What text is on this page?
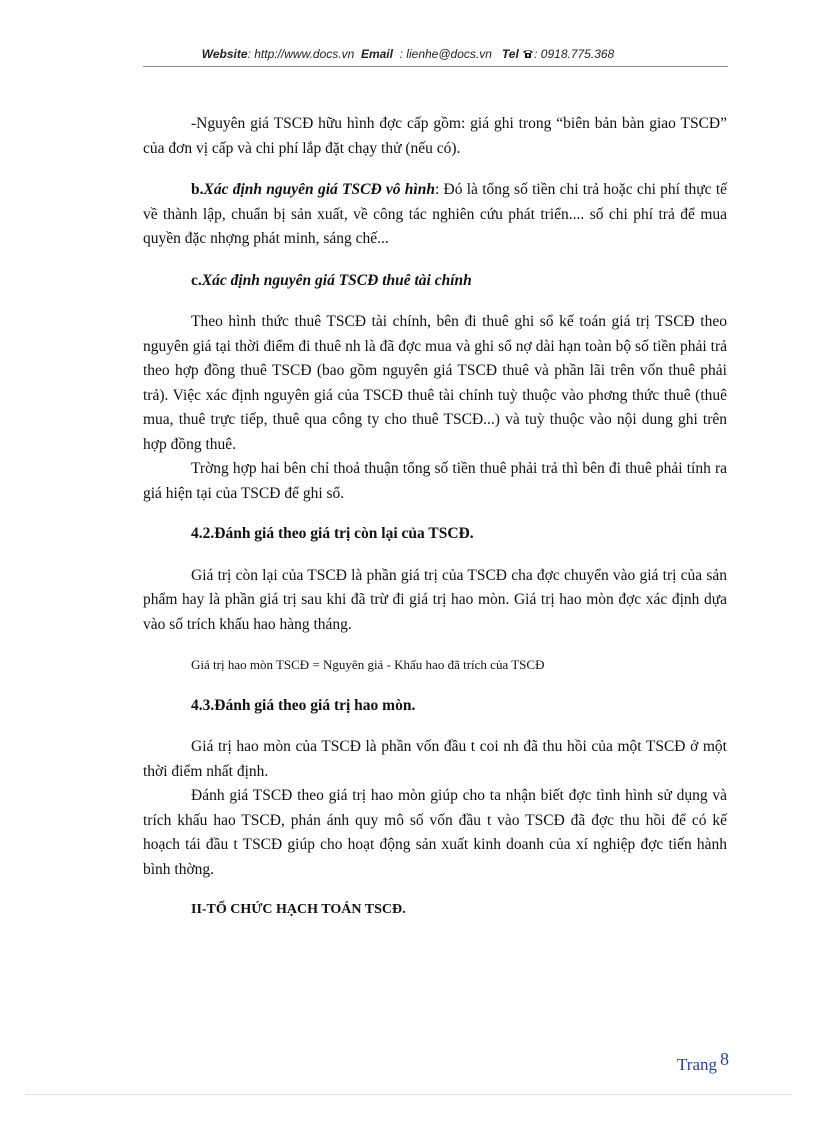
Website: http://www.docs.vn Email : lienhe@docs.vn Tel : 0918.775.368

-Nguyên giá TSCĐ hữu hình đợc cấp gồm: giá ghi trong “biên bản bàn giao TSCĐ” của đơn vị cấp và chi phí lắp đặt chạy thử (nếu có).

b.Xác định nguyên giá TSCĐ vô hình: Đó là tổng số tiền chi trả hoặc chi phí thực tế về thành lập, chuẩn bị sản xuất, về công tác nghiên cứu phát triển.... số chi phí trả để mua quyền đặc nhợng phát minh, sáng chế...

c.Xác định nguyên giá TSCĐ thuê tài chính

Theo hình thức thuê TSCĐ tài chính, bên đi thuê ghi sổ kế toán giá trị TSCĐ theo nguyên giá tại thời điểm đi thuê nh là đã đợc mua và ghi sổ nợ dài hạn toàn bộ số tiền phải trả theo hợp đồng thuê TSCĐ (bao gồm nguyên giá TSCĐ thuê và phần lãi trên vốn thuê phải trả). Việc xác định nguyên giá của TSCĐ thuê tài chính tuỳ thuộc vào phơng thức thuê (thuê mua, thuê trực tiếp, thuê qua công ty cho thuê TSCĐ...) và tuỳ thuộc vào nội dung ghi trên hợp đồng thuê.

Trờng hợp hai bên chỉ thoả thuận tổng số tiền thuê phải trả thì bên đi thuê phải tính ra giá hiện tại của TSCĐ để ghi sổ.

4.2.Đánh giá theo giá trị còn lại của TSCĐ.

Giá trị còn lại của TSCĐ là phần giá trị của TSCĐ cha đợc chuyển vào giá trị của sản phẩm hay là phần giá trị sau khi đã trừ đi giá trị hao mòn. Giá trị hao mòn đợc xác định dựa vào số trích khấu hao hàng tháng.

Giá trị hao mòn TSCĐ = Nguyên giá - Khấu hao đã trích của TSCĐ

4.3.Đánh giá theo giá trị hao mòn.

Giá trị hao mòn của TSCĐ là phần vốn đầu t coi nh đã thu hồi của một TSCĐ ở một thời điểm nhất định.

Đánh giá TSCĐ theo giá trị hao mòn giúp cho ta nhận biết đợc tình hình sử dụng và trích khấu hao TSCĐ, phản ánh quy mô số vốn đầu t vào TSCĐ đã đợc thu hồi để có kế hoạch tái đầu t TSCĐ giúp cho hoạt động sản xuất kinh doanh của xí nghiệp đợc tiến hành bình thờng.

II-TỔ CHỨC HẠCH TOÁN TSCĐ.

Trang 8
